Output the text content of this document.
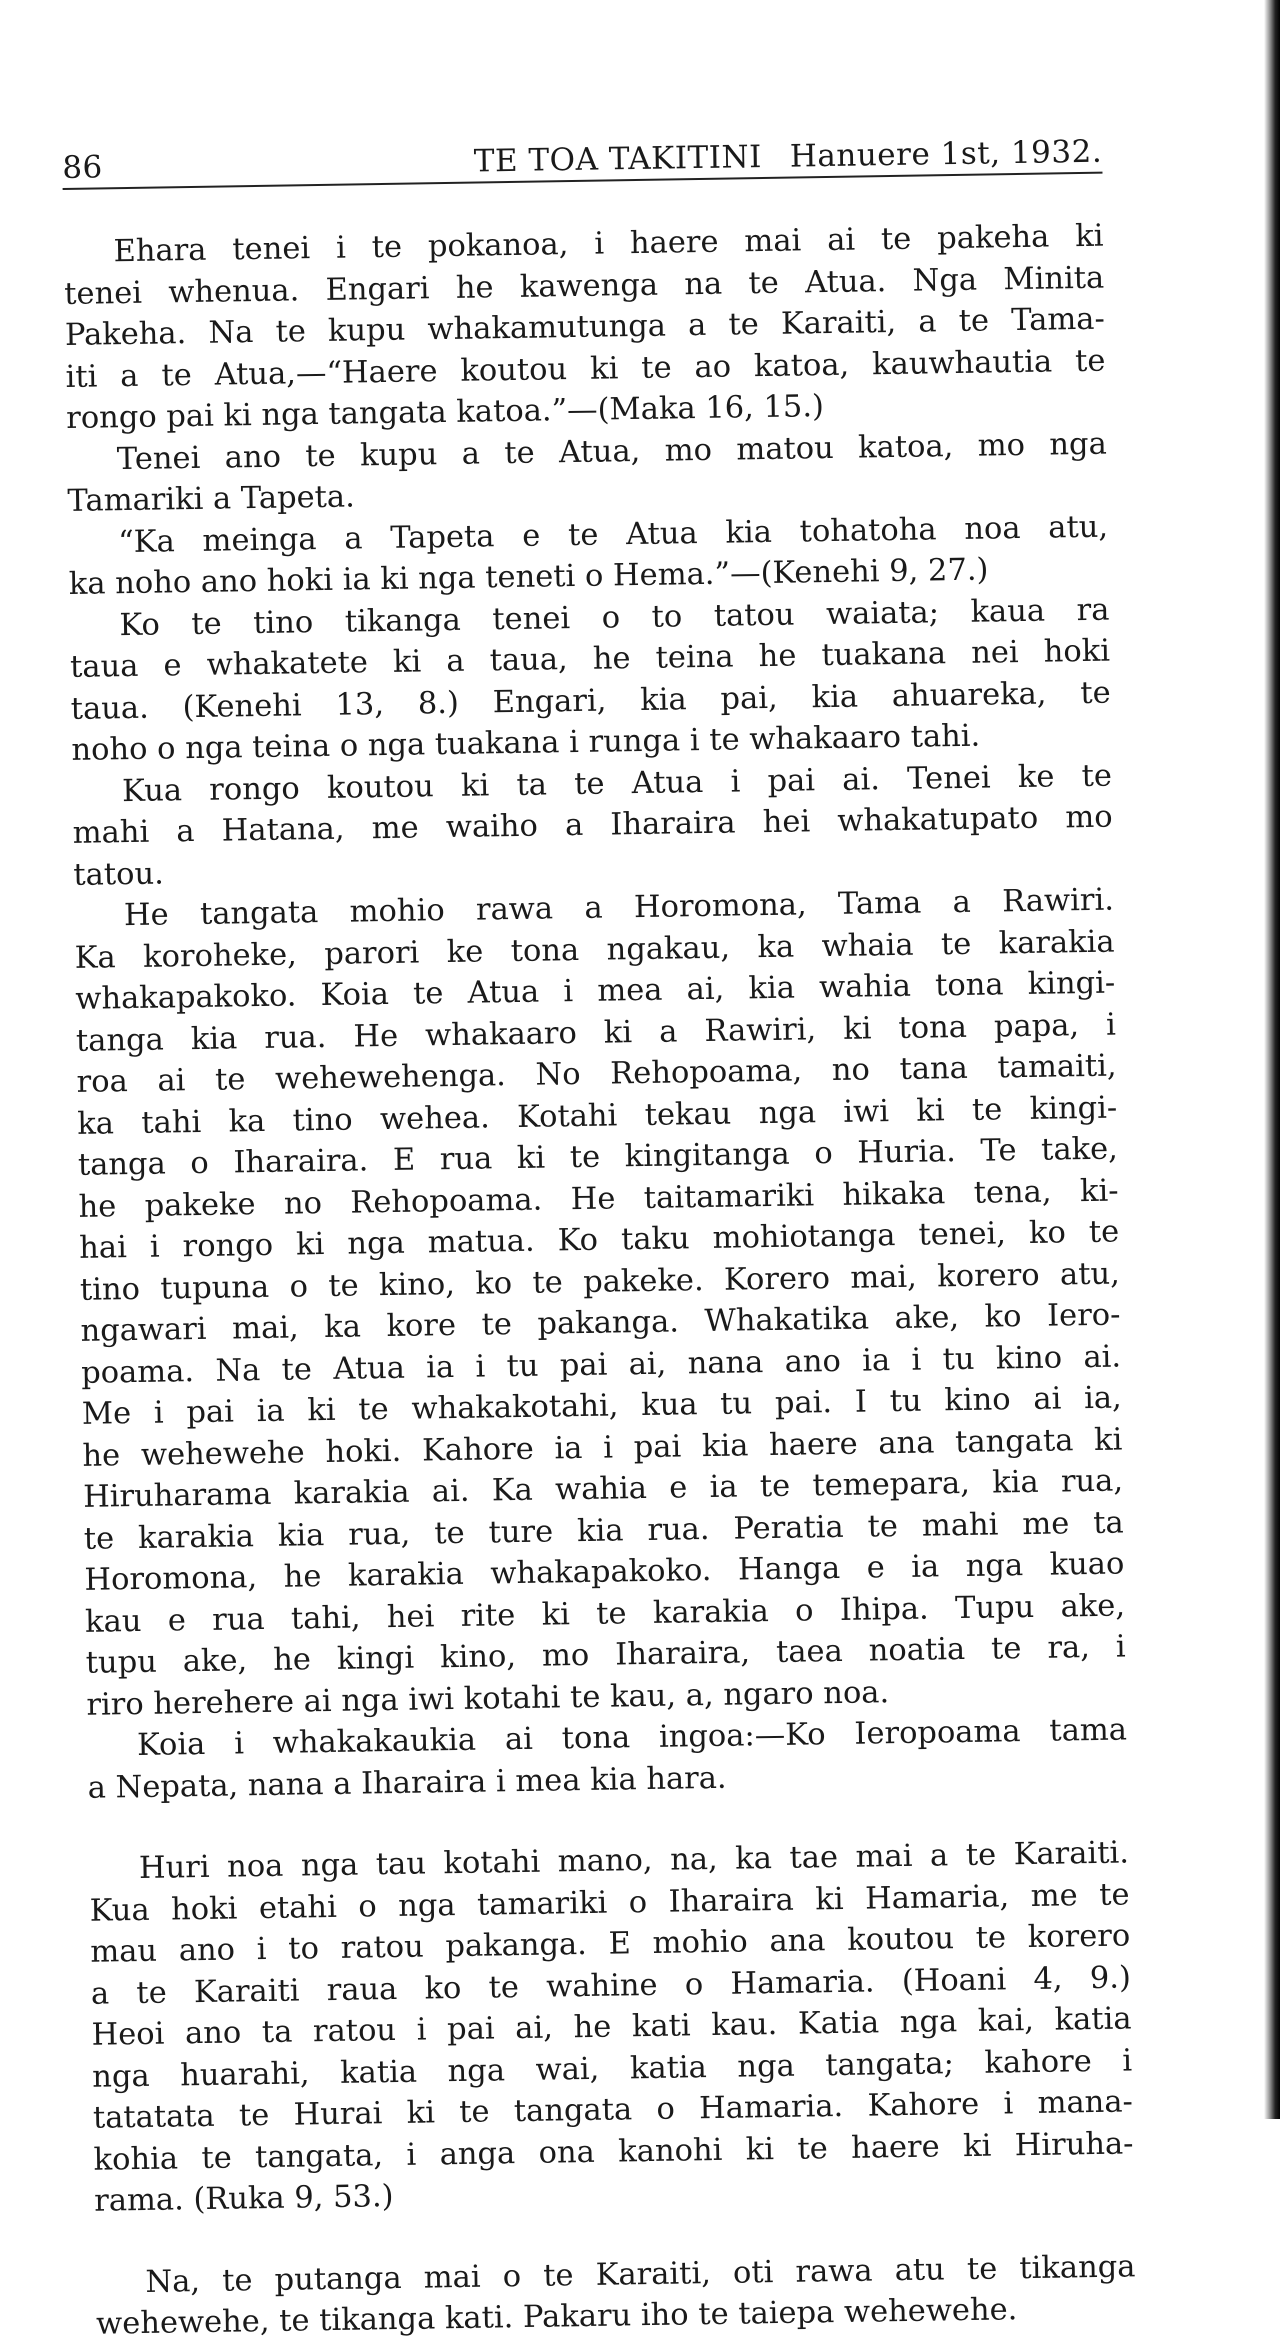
86	TE TOA TAKITINI Hanuere 1st, 1932.
Ehara tenei i te pokanoa, i haere mai ai te pakeha ki
tenei whenua. Engari he kawenga na te Atua. Nga Minita
Pakeha. Na te kupu whakamutunga a te Karaiti, a te Tama-
iti a te Atua,—“Haere koutou ki te ao katoa, kauwhautia te
rongo pai ki nga tangata katoa.”—(Maka 16, 15.)
Tenei ano te kupu a te Atua, mo matou katoa, mo nga
Tamariki a Tapeta.
“Ka meinga a Tapeta e te Atua kia tohatoha noa atu,
ka noho ano hoki ia ki nga teneti o Hema.”—(Kenehi 9, 27.)
Ko te tino tikanga tenei o to tatou waiata; kaua ra
taua e whakatete ki a taua, he teina he tuakana nei hoki
taua. (Kenehi 13, 8.) Engari, kia pai, kia ahuareka, te
noho o nga teina o nga tuakana i runga i te whakaaro tahi.
Kua rongo koutou ki ta te Atua i pai ai. Tenei ke te
mahi a Hatana, me waiho a Iharaira hei whakatupato mo
tatou.
He tangata mohio rawa a Horomona, Tama a Rawiri.
Ka koroheke, parori ke tona ngakau, ka whaia te karakia
whakapakoko. Koia te Atua i mea ai, kia wahia tona kingi-
tanga kia rua. He whakaaro ki a Rawiri, ki tona papa, i
roa ai te wehewehenga. No Rehopoama, no tana tamaiti,
ka tahi ka tino wehea. Kotahi tekau nga iwi ki te kingi-
tanga o Iharaira. E rua ki te kingitanga o Huria. Te take,
he pakeke no Rehopoama. He taitamariki hikaka tena, ki-
hai i rongo ki nga matua. Ko taku mohiotanga tenei, ko te
tino tupuna o te kino, ko te pakeke. Korero mai, korero atu,
ngawari mai, ka kore te pakanga. Whakatika ake, ko Iero-
poama. Na te Atua ia i tu pai ai, nana ano ia i tu kino ai.
Me i pai ia ki te whakakotahi, kua tu pai. I tu kino ai ia,
he wehewehe hoki. Kahore ia i pai kia haere ana tangata ki
Hiruharama karakia ai. Ka wahia e ia te temepara, kia rua,
te karakia kia rua, te ture kia rua. Peratia te mahi me ta
Horomona, he karakia whakapakoko. Hanga e ia nga kuao
kau e rua tahi, hei rite ki te karakia o Ihipa. Tupu ake,
tupu ake, he kingi kino, mo Iharaira, taea noatia te ra, i
riro herehere ai nga iwi kotahi te kau, a, ngaro noa.
Koia i whakakaukia ai tona ingoa:—Ko Ieropoama tama
a Nepata, nana a Iharaira i mea kia hara.
Huri noa nga tau kotahi mano, na, ka tae mai a te Karaiti.
Kua hoki etahi o nga tamariki o Iharaira ki Hamaria, me te
mau ano i to ratou pakanga. E mohio ana koutou te korero
a te Karaiti raua ko te wahine o Hamaria. (Hoani 4, 9.)
Heoi ano ta ratou i pai ai, he kati kau. Katia nga kai, katia
nga huarahi, katia nga wai, katia nga tangata; kahore i
tatatata te Hurai ki te tangata o Hamaria. Kahore i mana-
kohia te tangata, i anga ona kanohi ki te haere ki Hiruha-
rama. (Ruka 9, 53.)
Na, te putanga mai o te Karaiti, oti rawa atu te tikanga
wehewehe, te tikanga kati. Pakaru iho te taiepa wehewehe.
